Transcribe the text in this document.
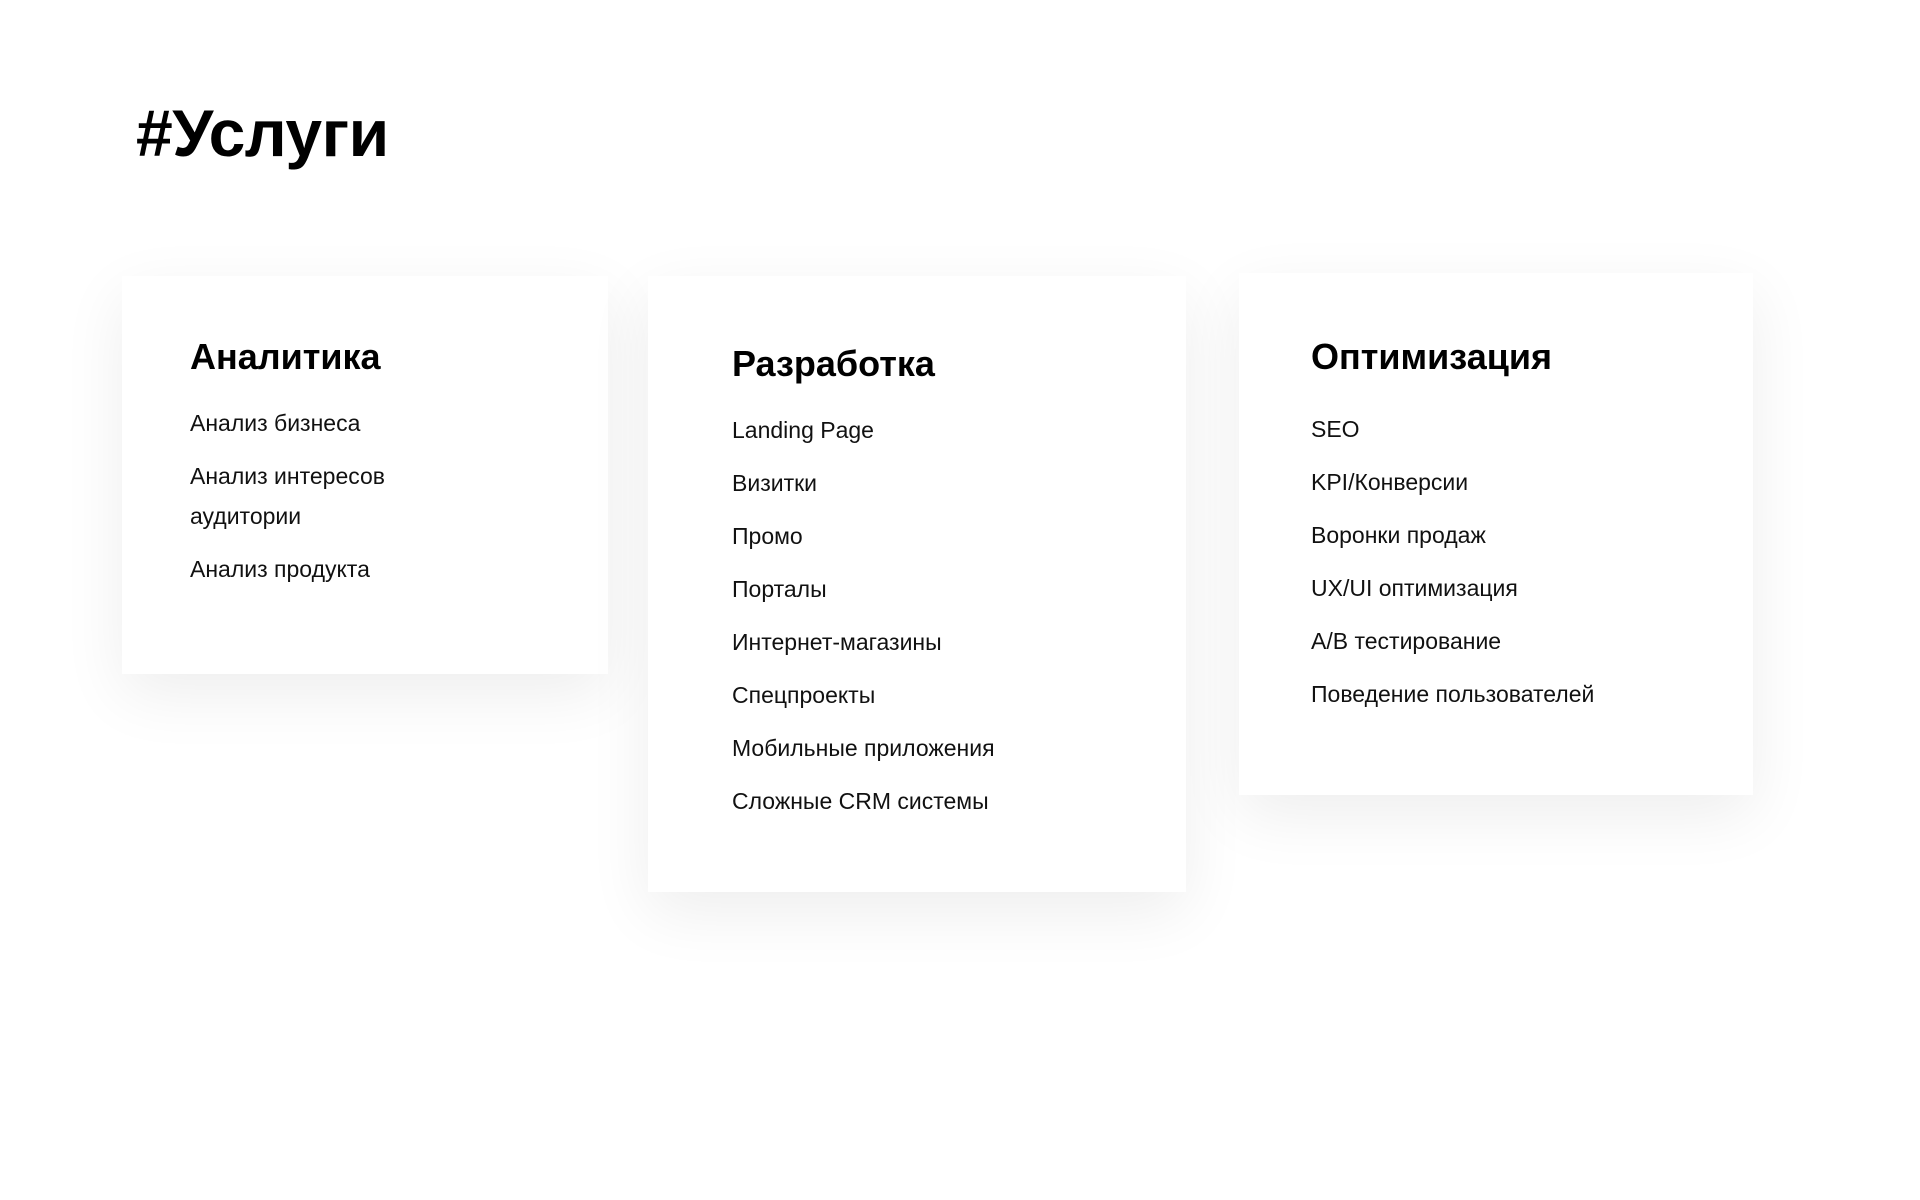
#Услуги
Аналитика
Анализ бизнеса
Анализ интересов аудитории
Анализ продукта
Разработка
Landing Page
Визитки
Промо
Порталы
Интернет-магазины
Спецпроекты
Мобильные приложения
Сложные CRM системы
Оптимизация
SEO
KPI/Конверсии
Воронки продаж
UX/UI оптимизация
A/B тестирование
Поведение пользователей
